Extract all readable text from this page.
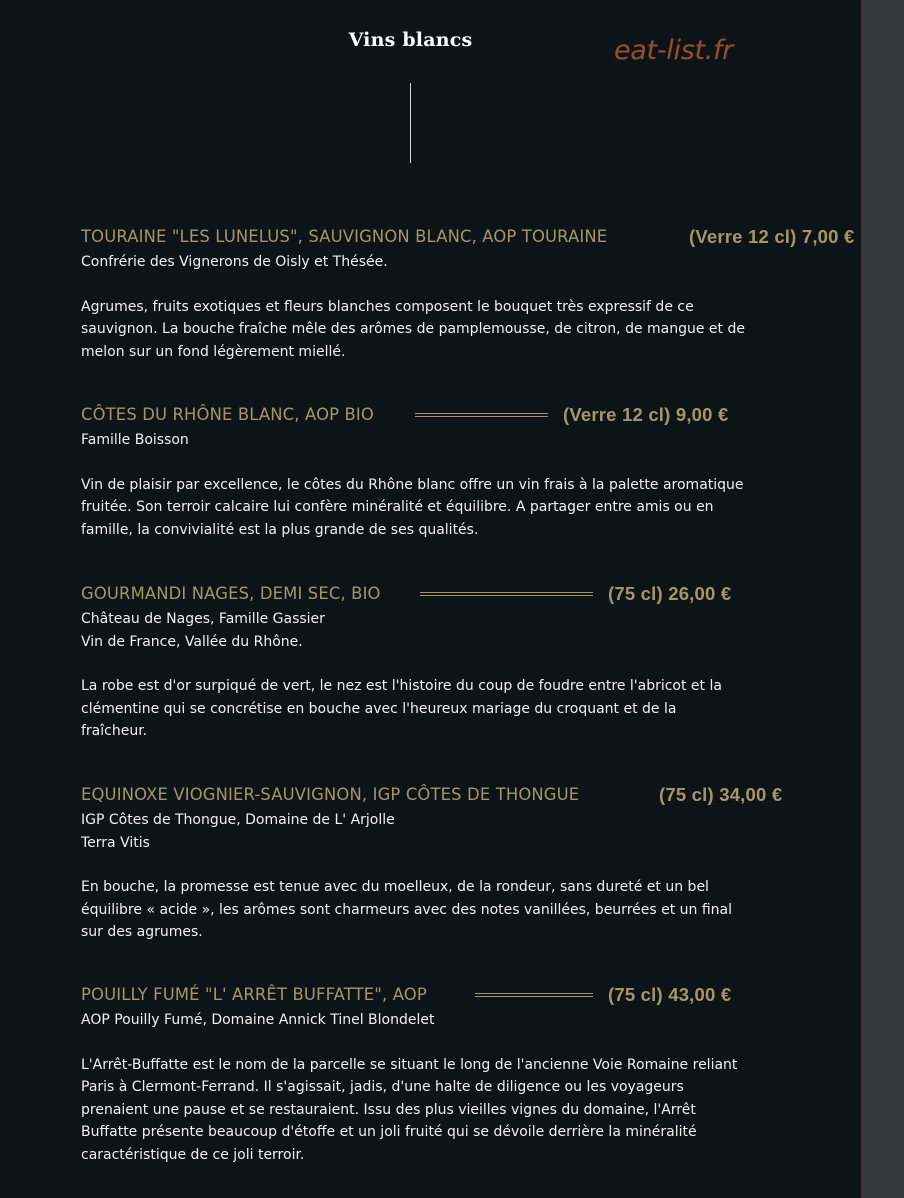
Vins blancs	eat-list.fr
TOURAINE "LES LUNELUS", SAUVIGNON BLANC, AOP TOURAINE	(Verre 12 cl) 7,00 €
Confrérie des Vignerons de Oisly et Thésée.
Agrumes, fruits exotiques et fleurs blanches composent le bouquet très expressif de ce sauvignon. La bouche fraîche mêle des arômes de pamplemousse, de citron, de mangue et de melon sur un fond légèrement miellé.
CÔTES DU RHÔNE BLANC, AOP BIO	(Verre 12 cl) 9,00 €
Famille Boisson
Vin de plaisir par excellence, le côtes du Rhône blanc offre un vin frais à la palette aromatique fruitée. Son terroir calcaire lui confère minéralité et équilibre. A partager entre amis ou en famille, la convivialité est la plus grande de ses qualités.
GOURMANDI NAGES, DEMI SEC, BIO	(75 cl) 26,00 €
Château de Nages, Famille Gassier
Vin de France, Vallée du Rhône.
La robe est d'or surpiqué de vert, le nez est l'histoire du coup de foudre entre l'abricot et la clémentine qui se concrétise en bouche avec l'heureux mariage du croquant et de la fraîcheur.
EQUINOXE VIOGNIER-SAUVIGNON, IGP CÔTES DE THONGUE	(75 cl) 34,00 €
IGP Côtes de Thongue, Domaine de L' Arjolle
Terra Vitis
En bouche, la promesse est tenue avec du moelleux, de la rondeur, sans dureté et un bel équilibre « acide », les arômes sont charmeurs avec des notes vanillées, beurrées et un final sur des agrumes.
POUILLY FUMÉ "L' ARRÊT BUFFATTE", AOP	(75 cl) 43,00 €
AOP Pouilly Fumé, Domaine Annick Tinel Blondelet
L'Arrêt-Buffatte est le nom de la parcelle se situant le long de l'ancienne Voie Romaine reliant Paris à Clermont-Ferrand. Il s'agissait, jadis, d'une halte de diligence ou les voyageurs prenaient une pause et se restauraient. Issu des plus vieilles vignes du domaine, l'Arrêt Buffatte présente beaucoup d'étoffe et un joli fruité qui se dévoile derrière la minéralité caractéristique de ce joli terroir.
